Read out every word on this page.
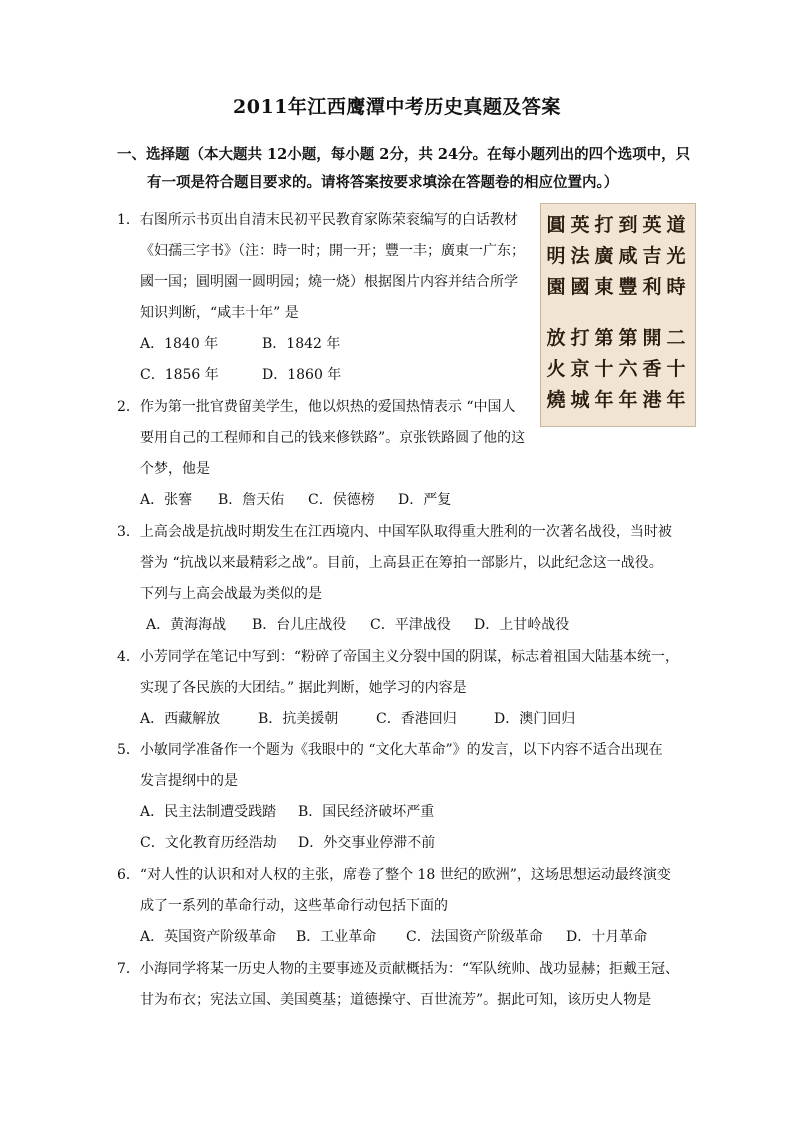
2011年江西鹰潭中考历史真题及答案
一、选择题（本大题共 12小题，每小题 2分，共 24分。在每小题列出的四个选项中，只
有一项是符合题目要求的。请将答案按要求填涂在答题卷的相应位置内。）
道
光
時
二
十
年
英
吉
利
開
香
港
到
咸
豐
第
六
年
打
廣
東
第
十
年
英
法
國
打
京
城
圓
明
園
放
火
燒
1．右图所示书页出自清末民初平民教育家陈荣衮编写的白话教材
《妇孺三字书》（注：時一时；開一开；豐一丰；廣東一广东；
國一国；圓明園一圆明园；燒一烧）根据图片内容并结合所学
知识判断，“咸丰十年” 是
A．1840 年	B．1842 年
C．1856 年	D．1860 年
2．作为第一批官费留美学生，他以炽热的爱国热情表示 “中国人
要用自己的工程师和自己的钱来修铁路”。京张铁路圆了他的这
个梦，他是
A．张謇 B．詹天佑 C．侯德榜 D．严复
3．上高会战是抗战时期发生在江西境内、中国军队取得重大胜利的一次著名战役，当时被
誉为 “抗战以来最精彩之战”。目前，上高县正在筹拍一部影片，以此纪念这一战役。
下列与上高会战最为类似的是
A．黄海海战 B．台儿庄战役 C．平津战役 D．上甘岭战役
4．小芳同学在笔记中写到：“粉碎了帝国主义分裂中国的阴谋，标志着祖国大陆基本统一，
实现了各民族的大团结。” 据此判断，她学习的内容是
A．西藏解放	B．抗美援朝	C．香港回归	D．澳门回归
5．小敏同学准备作一个题为《我眼中的 “文化大革命”》的发言，以下内容不适合出现在
发言提纲中的是
A．民主法制遭受践踏 B．国民经济破坏严重
C．文化教育历经浩劫 D．外交事业停滞不前
6．“对人性的认识和对人权的主张，席卷了整个 18 世纪的欧洲”，这场思想运动最终演变
成了一系列的革命行动，这些革命行动包括下面的
A．英国资产阶级革命 B．工业革命 C．法国资产阶级革命 D．十月革命
7．小海同学将某一历史人物的主要事迹及贡献概括为：“军队统帅、战功显赫；拒戴王冠、
甘为布衣；宪法立国、美国奠基；道德操守、百世流芳”。据此可知，该历史人物是
